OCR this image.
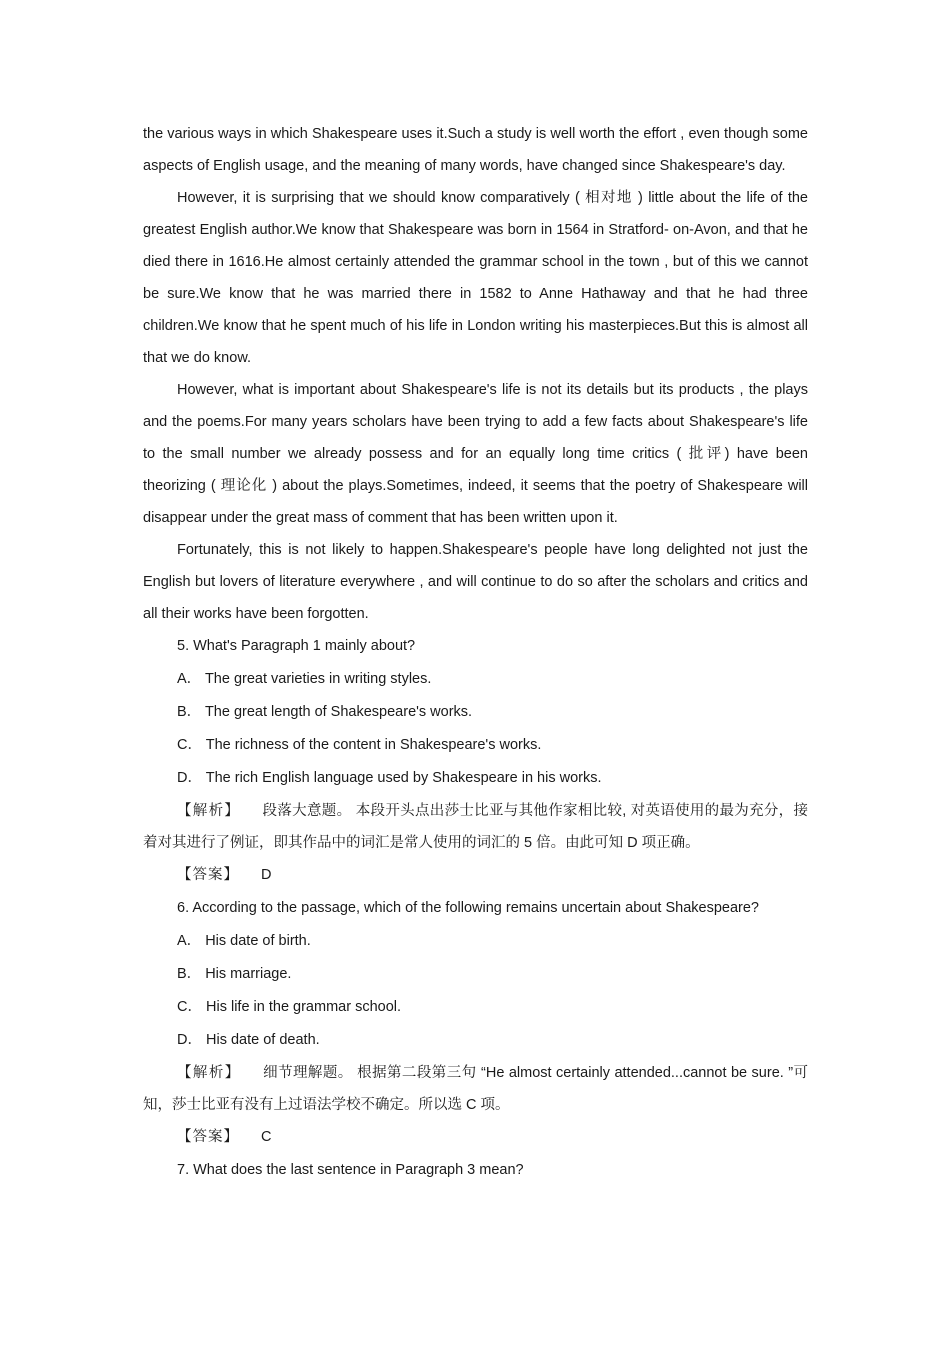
the various ways in which Shakespeare uses it.Such a study is well worth the effort , even though some aspects of English usage, and the meaning of many words, have changed since Shakespeare's day.

However, it is surprising that we should know comparatively ( 相对地 ) little about the life of the greatest English author.We know that Shakespeare was born in 1564 in Stratford- on-Avon, and that he died there in 1616.He almost certainly attended the grammar school in the town , but of this we cannot be sure.We know that he was married there in 1582 to Anne Hathaway and that he had three children.We know that he spent much of his life in London writing his masterpieces.But this is almost all that we do know.

However, what is important about Shakespeare's life is not its details but its products , the plays and the poems.For many years scholars have been trying to add a few facts about Shakespeare's life to the small number we already possess and for an equally long time critics ( 批评) have been theorizing ( 理论化 ) about the plays.Sometimes, indeed, it seems that the poetry of Shakespeare will disappear under the great mass of comment that has been written upon it.

Fortunately, this is not likely to happen.Shakespeare's people have long delighted not just the English but lovers of literature everywhere , and will continue to do so after the scholars and critics and all their works have been forgotten.

5. What's Paragraph 1 mainly about?

A． The great varieties in writing styles.

B． The great length of Shakespeare's works.

C． The richness of the content in Shakespeare's works.

D． The rich English language used by Shakespeare in his works.

【解析】 段落大意题。 本段开头点出莎士比亚与其他作家相比较, 对英语使用的最为充分，接着对其进行了例证，即其作品中的词汇是常人使用的词汇的 5 倍。由此可知 D 项正确。

【答案】 D

6. According to the passage, which of the following remains uncertain about Shakespeare?

A． His date of birth.

B． His marriage.

C． His life in the grammar school.

D． His date of death.

【解析】 细节理解题。 根据第二段第三句 “He almost certainly attended...cannot be sure. ”可知，莎士比亚有没有上过语法学校不确定。所以选 C 项。

【答案】 C

7. What does the last sentence in Paragraph 3 mean?
